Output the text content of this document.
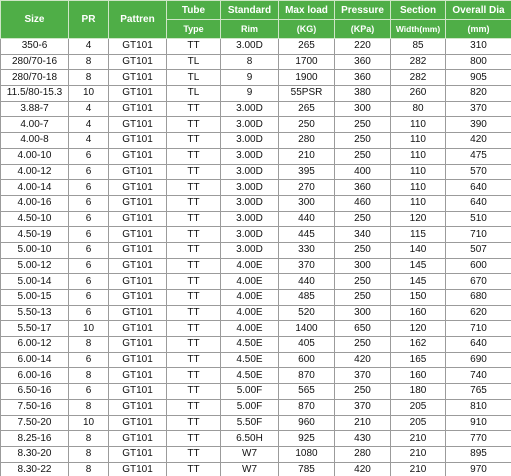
Size	PR	Pattren	Tube	Standard	Max load	Pressure	Section	Overall Dia
			Type	Rim	(KG)	(KPa)	Width(mm)	(mm)
350-6	4	GT101	TT	3.00D	265	220	85	310
280/70-16	8	GT101	TL	8	1700	360	282	800
280/70-18	8	GT101	TL	9	1900	360	282	905
11.5/80-15.3	10	GT101	TL	9	55PSR	380	260	820
3.88-7	4	GT101	TT	3.00D	265	300	80	370
4.00-7	4	GT101	TT	3.00D	250	250	110	390
4.00-8	4	GT101	TT	3.00D	280	250	110	420
4.00-10	6	GT101	TT	3.00D	210	250	110	475
4.00-12	6	GT101	TT	3.00D	395	400	110	570
4.00-14	6	GT101	TT	3.00D	270	360	110	640
4.00-16	6	GT101	TT	3.00D	300	460	110	640
4.50-10	6	GT101	TT	3.00D	440	250	120	510
4.50-19	6	GT101	TT	3.00D	445	340	115	710
5.00-10	6	GT101	TT	3.00D	330	250	140	507
5.00-12	6	GT101	TT	4.00E	370	300	145	600
5.00-14	6	GT101	TT	4.00E	440	250	145	670
5.00-15	6	GT101	TT	4.00E	485	250	150	680
5.50-13	6	GT101	TT	4.00E	520	300	160	620
5.50-17	10	GT101	TT	4.00E	1400	650	120	710
6.00-12	8	GT101	TT	4.50E	405	250	162	640
6.00-14	6	GT101	TT	4.50E	600	420	165	690
6.00-16	8	GT101	TT	4.50E	870	370	160	740
6.50-16	6	GT101	TT	5.00F	565	250	180	765
7.50-16	8	GT101	TT	5.00F	870	370	205	810
7.50-20	10	GT101	TT	5.50F	960	210	205	910
8.25-16	8	GT101	TT	6.50H	925	430	210	770
8.30-20	8	GT101	TT	W7	1080	280	210	895
8.30-22	8	GT101	TT	W7	785	420	210	970
